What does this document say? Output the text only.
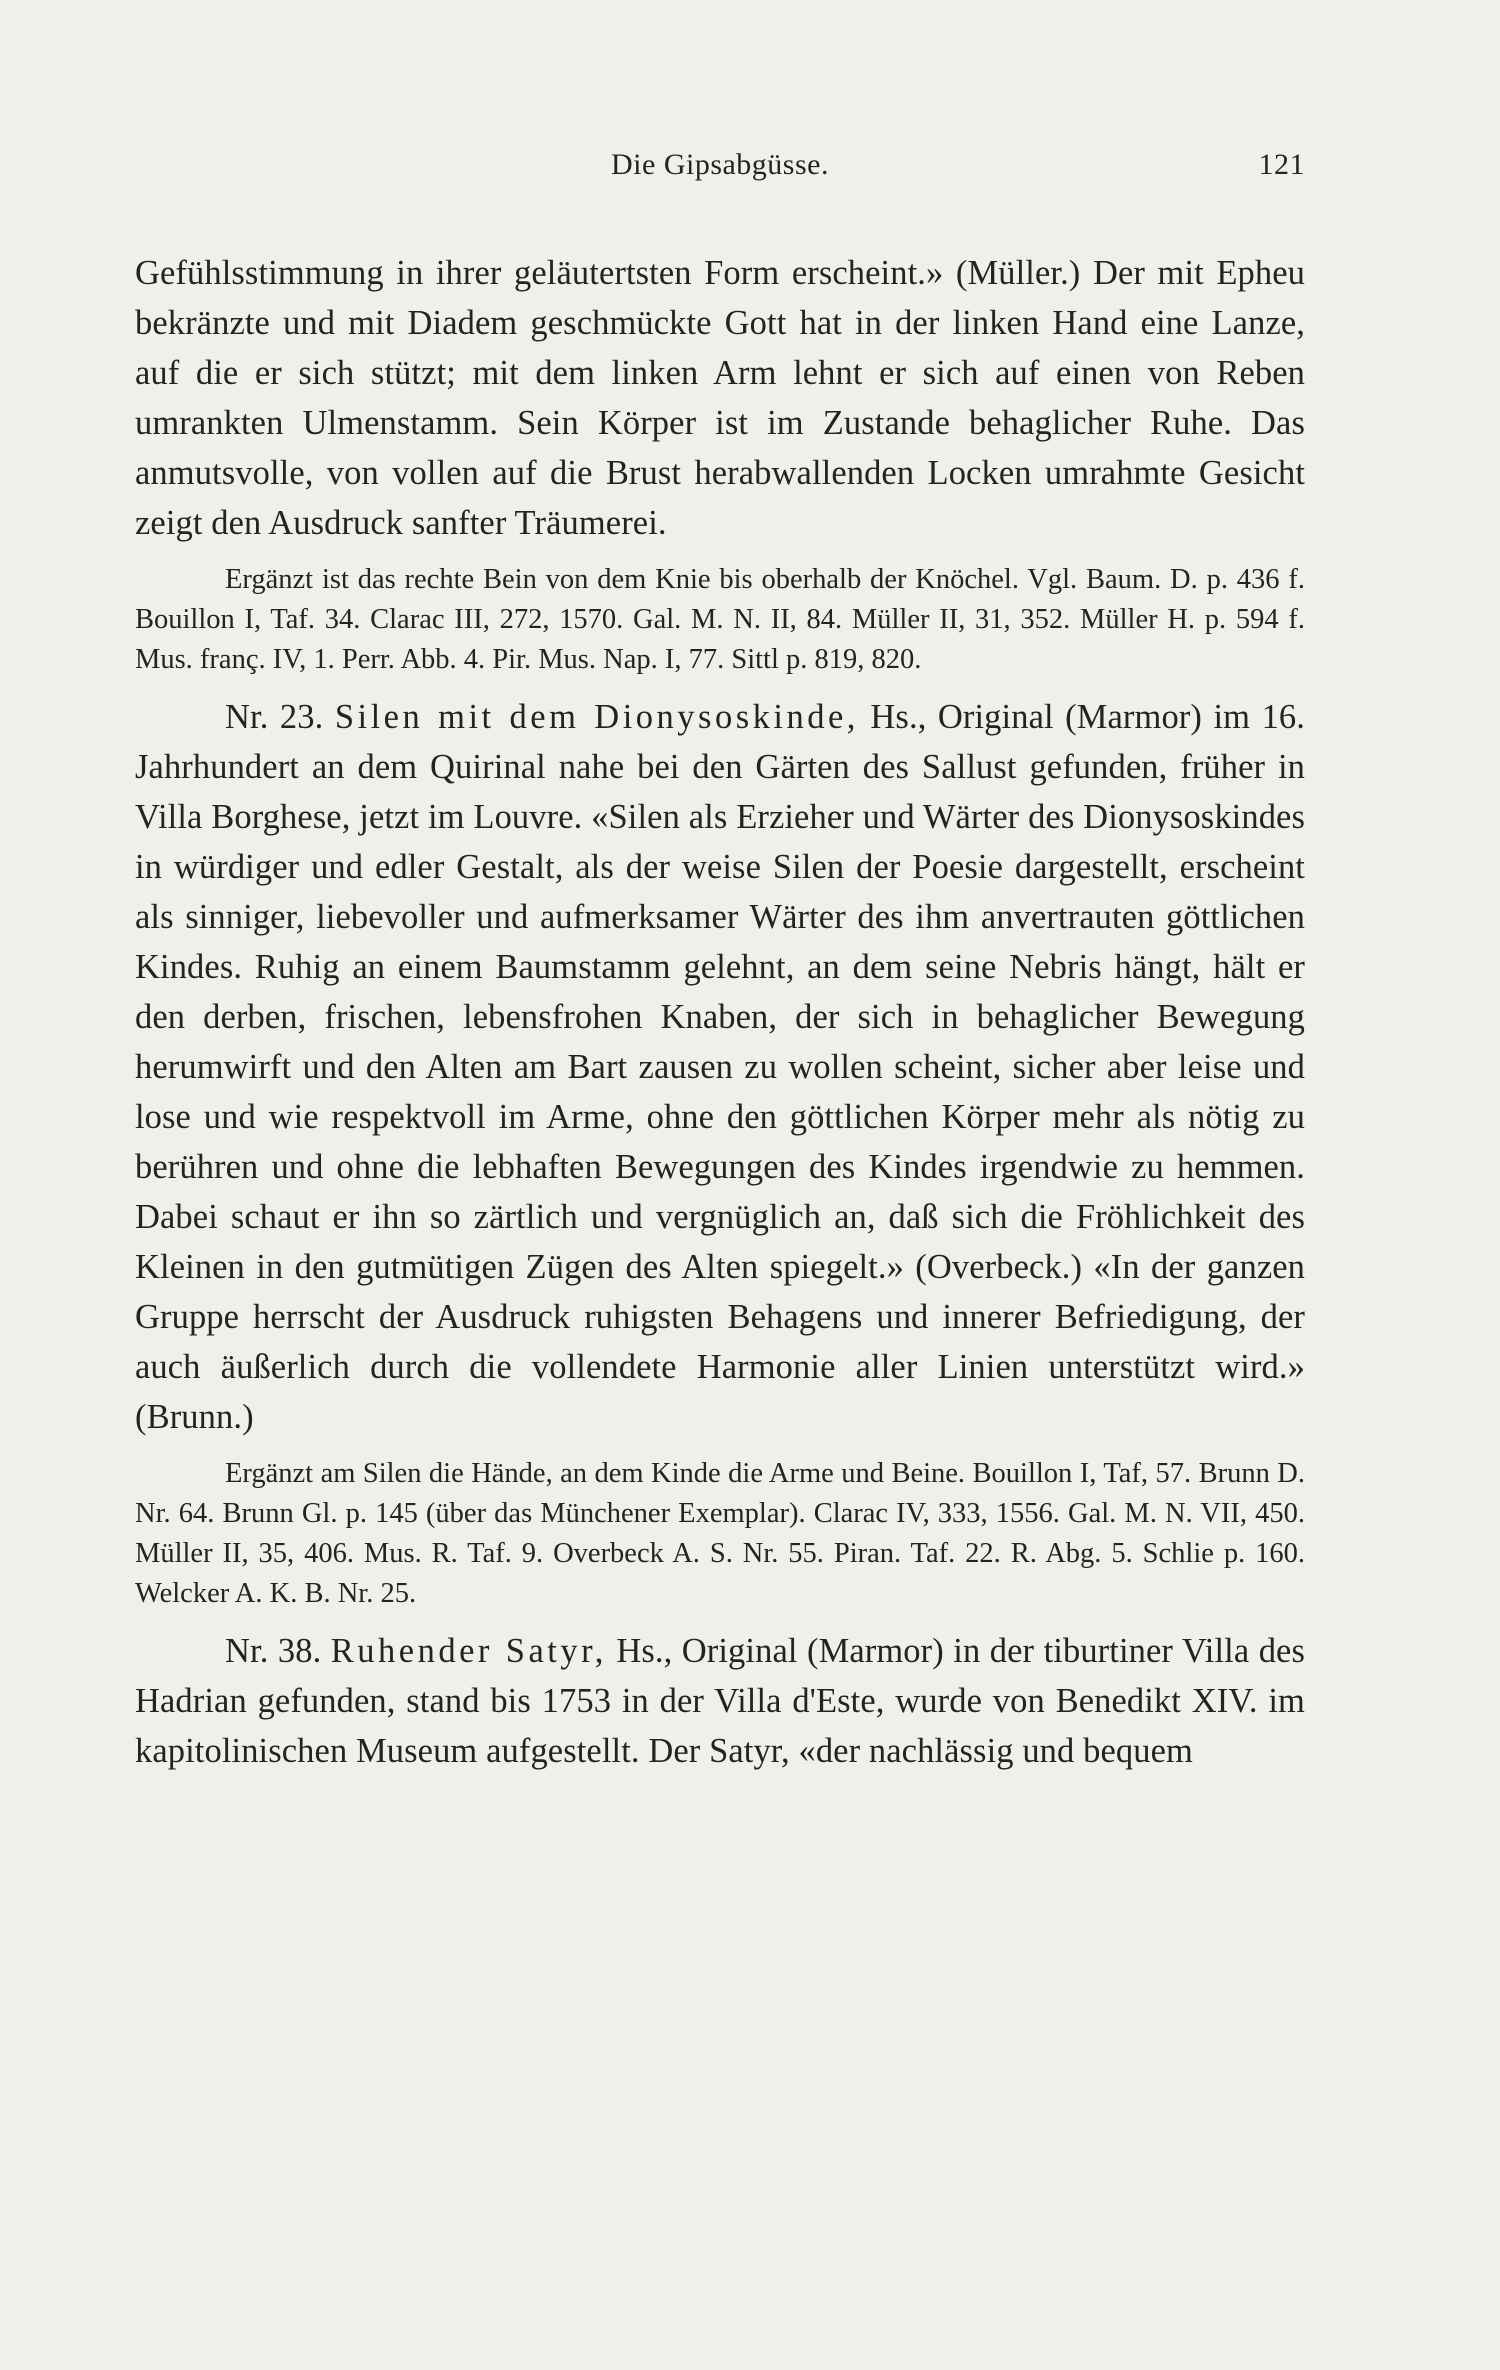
Die Gipsabgüsse.	121

Gefühlsstimmung in ihrer geläutertsten Form erscheint.» (Müller.) Der mit Epheu bekränzte und mit Diadem geschmückte Gott hat in der linken Hand eine Lanze, auf die er sich stützt; mit dem linken Arm lehnt er sich auf einen von Reben umrankten Ulmenstamm. Sein Körper ist im Zustande behaglicher Ruhe. Das anmutsvolle, von vollen auf die Brust herabwallenden Locken umrahmte Gesicht zeigt den Ausdruck sanfter Träumerei.

Ergänzt ist das rechte Bein von dem Knie bis oberhalb der Knöchel. Vgl. Baum. D. p. 436 f. Bouillon I, Taf. 34. Clarac III, 272, 1570. Gal. M. N. II, 84. Müller II, 31, 352. Müller H. p. 594 f. Mus. franç. IV, 1. Perr. Abb. 4. Pir. Mus. Nap. I, 77. Sittl p. 819, 820.

Nr. 23. Silen mit dem Dionysoskinde, Hs., Original (Marmor) im 16. Jahrhundert an dem Quirinal nahe bei den Gärten des Sallust gefunden, früher in Villa Borghese, jetzt im Louvre. «Silen als Erzieher und Wärter des Dionysoskindes in würdiger und edler Gestalt, als der weise Silen der Poesie dargestellt, erscheint als sinniger, liebevoller und aufmerksamer Wärter des ihm anvertrauten göttlichen Kindes. Ruhig an einem Baumstamm gelehnt, an dem seine Nebris hängt, hält er den derben, frischen, lebensfrohen Knaben, der sich in behaglicher Bewegung herumwirft und den Alten am Bart zausen zu wollen scheint, sicher aber leise und lose und wie respektvoll im Arme, ohne den göttlichen Körper mehr als nötig zu berühren und ohne die lebhaften Bewegungen des Kindes irgendwie zu hemmen. Dabei schaut er ihn so zärtlich und vergnüglich an, daß sich die Fröhlichkeit des Kleinen in den gutmütigen Zügen des Alten spiegelt.» (Overbeck.) «In der ganzen Gruppe herrscht der Ausdruck ruhigsten Behagens und innerer Befriedigung, der auch äußerlich durch die vollendete Harmonie aller Linien unterstützt wird.» (Brunn.)

Ergänzt am Silen die Hände, an dem Kinde die Arme und Beine. Bouillon I, Taf, 57. Brunn D. Nr. 64. Brunn Gl. p. 145 (über das Münchener Exemplar). Clarac IV, 333, 1556. Gal. M. N. VII, 450. Müller II, 35, 406. Mus. R. Taf. 9. Overbeck A. S. Nr. 55. Piran. Taf. 22. R. Abg. 5. Schlie p. 160. Welcker A. K. B. Nr. 25.

Nr. 38. Ruhender Satyr, Hs., Original (Marmor) in der tiburtiner Villa des Hadrian gefunden, stand bis 1753 in der Villa d'Este, wurde von Benedikt XIV. im kapitolinischen Museum aufgestellt. Der Satyr, «der nachlässig und bequem
